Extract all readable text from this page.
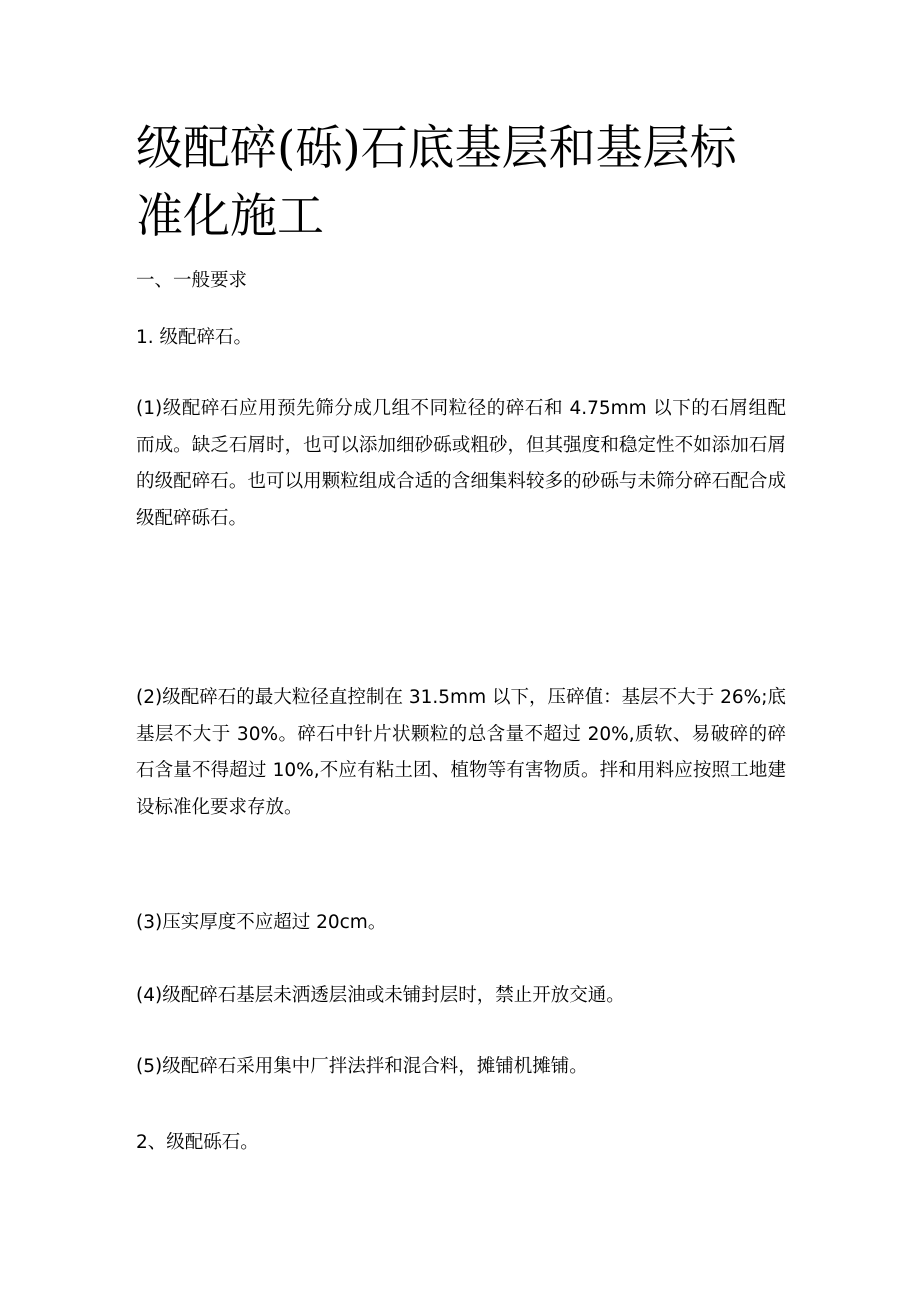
级配碎(砾)石底基层和基层标准化施工

一、一般要求

1. 级配碎石。

(1)级配碎石应用预先筛分成几组不同粒径的碎石和 4.75mm 以下的石屑组配而成。缺乏石屑时，也可以添加细砂砾或粗砂，但其强度和稳定性不如添加石屑的级配碎石。也可以用颗粒组成合适的含细集料较多的砂砾与未筛分碎石配合成级配碎砾石。

(2)级配碎石的最大粒径直控制在 31.5mm 以下，压碎值：基层不大于 26%;底基层不大于 30%。碎石中针片状颗粒的总含量不超过 20%,质软、易破碎的碎石含量不得超过 10%,不应有粘土团、植物等有害物质。拌和用料应按照工地建设标准化要求存放。

(3)压实厚度不应超过 20cm。

(4)级配碎石基层未洒透层油或未铺封层时，禁止开放交通。

(5)级配碎石采用集中厂拌法拌和混合料，摊铺机摊铺。

2、级配砾石。
